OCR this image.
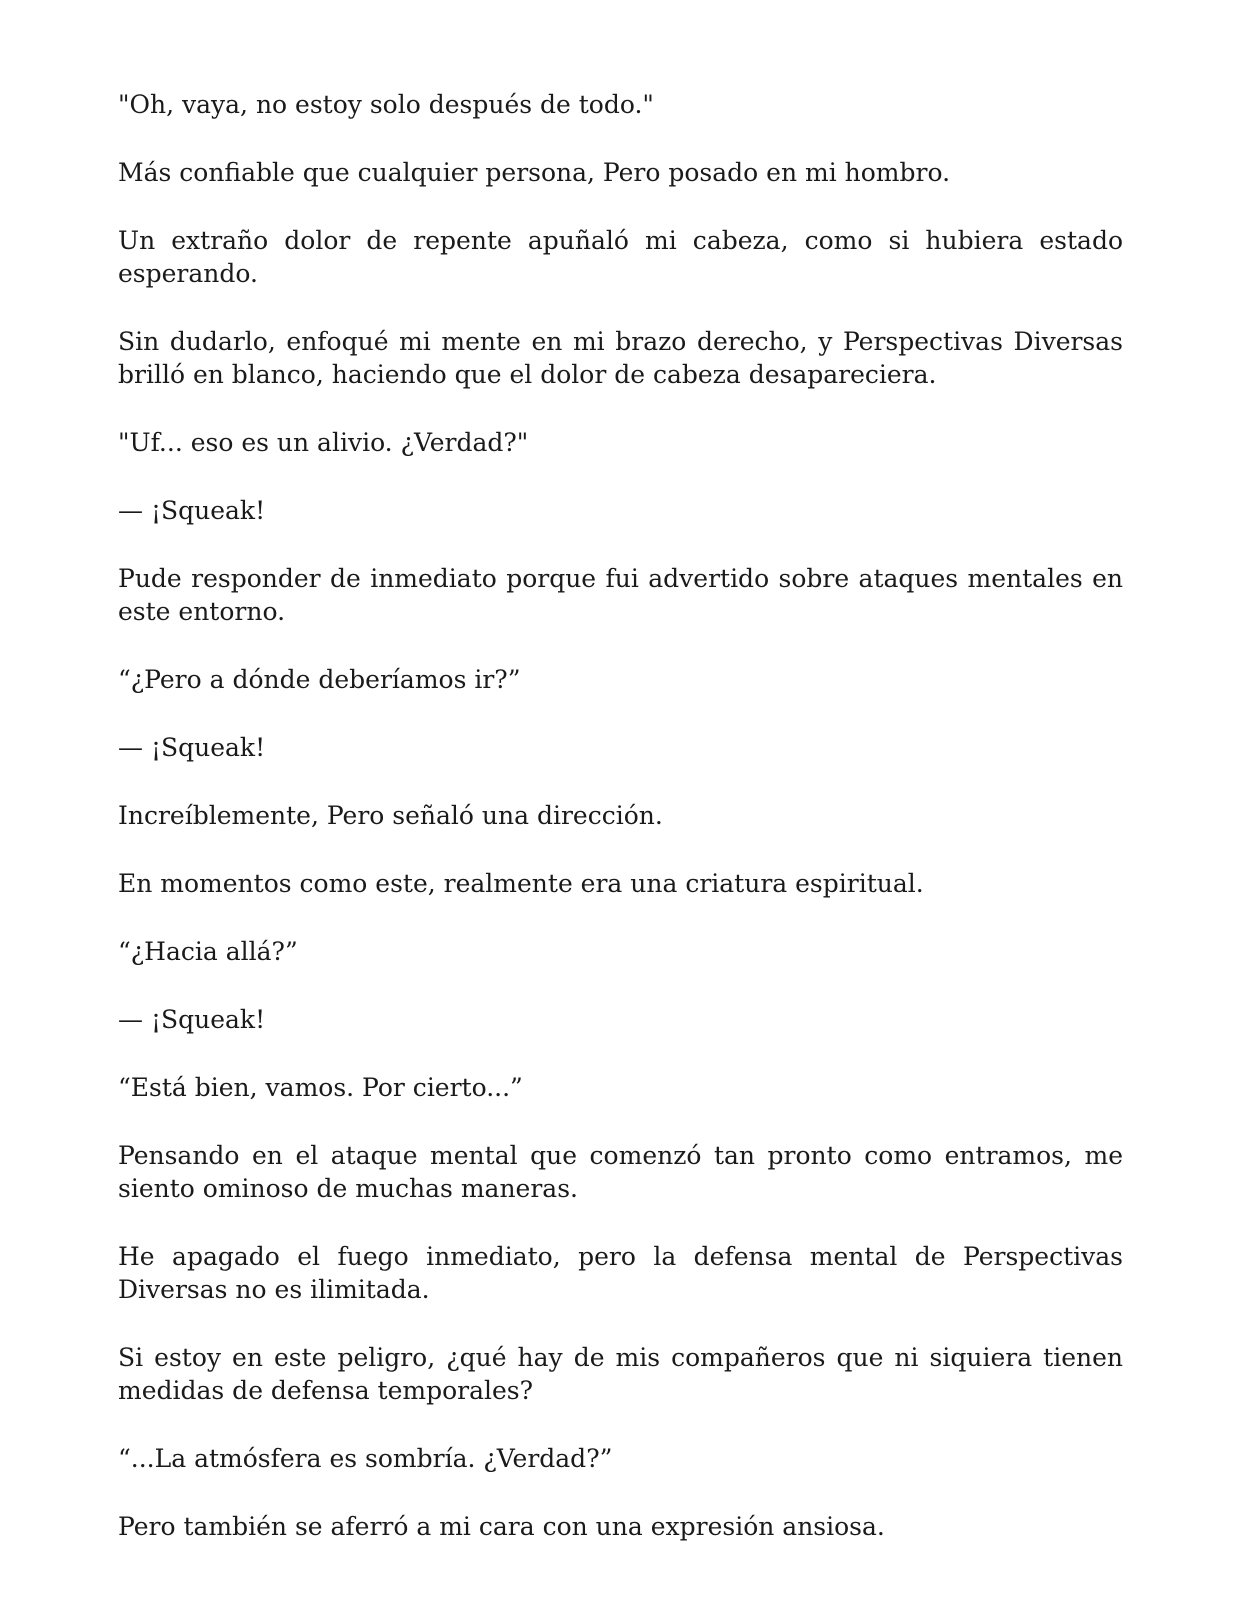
"Oh, vaya, no estoy solo después de todo."

Más confiable que cualquier persona, Pero posado en mi hombro.

Un extraño dolor de repente apuñaló mi cabeza, como si hubiera estado esperando.

Sin dudarlo, enfoqué mi mente en mi brazo derecho, y Perspectivas Diversas brilló en blanco, haciendo que el dolor de cabeza desapareciera.

"Uf... eso es un alivio. ¿Verdad?"

— ¡Squeak!

Pude responder de inmediato porque fui advertido sobre ataques mentales en este entorno.

“¿Pero a dónde deberíamos ir?”

— ¡Squeak!

Increíblemente, Pero señaló una dirección.

En momentos como este, realmente era una criatura espiritual.

“¿Hacia allá?”

— ¡Squeak!

“Está bien, vamos. Por cierto...”

Pensando en el ataque mental que comenzó tan pronto como entramos, me siento ominoso de muchas maneras.

He apagado el fuego inmediato, pero la defensa mental de Perspectivas Diversas no es ilimitada.

Si estoy en este peligro, ¿qué hay de mis compañeros que ni siquiera tienen medidas de defensa temporales?

“...La atmósfera es sombría. ¿Verdad?”

Pero también se aferró a mi cara con una expresión ansiosa.
